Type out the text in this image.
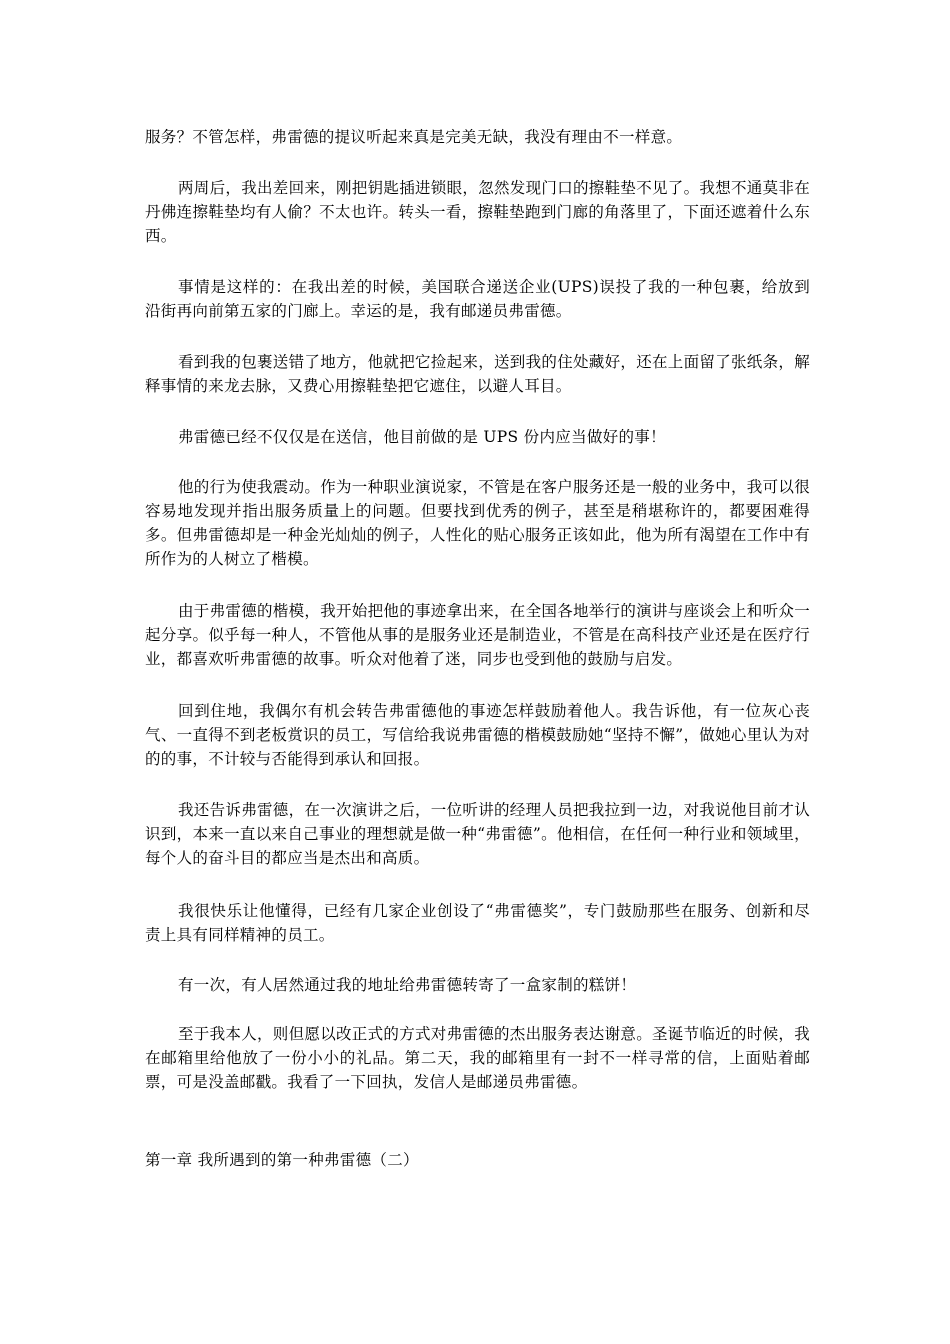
服务？不管怎样，弗雷德的提议听起来真是完美无缺，我没有理由不一样意。

两周后，我出差回来，刚把钥匙插进锁眼，忽然发现门口的擦鞋垫不见了。我想不通莫非在丹佛连擦鞋垫均有人偷？不太也许。转头一看，擦鞋垫跑到门廊的角落里了，下面还遮着什么东西。

事情是这样的：在我出差的时候，美国联合递送企业(UPS)误投了我的一种包裹，给放到沿街再向前第五家的门廊上。幸运的是，我有邮递员弗雷德。

看到我的包裹送错了地方，他就把它捡起来，送到我的住处藏好，还在上面留了张纸条，解释事情的来龙去脉，又费心用擦鞋垫把它遮住，以避人耳目。

弗雷德已经不仅仅是在送信，他目前做的是 UPS 份内应当做好的事！

他的行为使我震动。作为一种职业演说家，不管是在客户服务还是一般的业务中，我可以很容易地发现并指出服务质量上的问题。但要找到优秀的例子，甚至是稍堪称许的，都要困难得多。但弗雷德却是一种金光灿灿的例子，人性化的贴心服务正该如此，他为所有渴望在工作中有所作为的人树立了楷模。

由于弗雷德的楷模，我开始把他的事迹拿出来，在全国各地举行的演讲与座谈会上和听众一起分享。似乎每一种人，不管他从事的是服务业还是制造业，不管是在高科技产业还是在医疗行业，都喜欢听弗雷德的故事。听众对他着了迷，同步也受到他的鼓励与启发。

回到住地，我偶尔有机会转告弗雷德他的事迹怎样鼓励着他人。我告诉他，有一位灰心丧气、一直得不到老板赏识的员工，写信给我说弗雷德的楷模鼓励她“坚持不懈”，做她心里认为对的的事，不计较与否能得到承认和回报。

我还告诉弗雷德，在一次演讲之后，一位听讲的经理人员把我拉到一边，对我说他目前才认识到，本来一直以来自己事业的理想就是做一种“弗雷德”。他相信，在任何一种行业和领域里，每个人的奋斗目的都应当是杰出和高质。

我很快乐让他懂得，已经有几家企业创设了“弗雷德奖”，专门鼓励那些在服务、创新和尽责上具有同样精神的员工。

有一次，有人居然通过我的地址给弗雷德转寄了一盒家制的糕饼！

至于我本人，则但愿以改正式的方式对弗雷德的杰出服务表达谢意。圣诞节临近的时候，我在邮箱里给他放了一份小小的礼品。第二天，我的邮箱里有一封不一样寻常的信，上面贴着邮票，可是没盖邮戳。我看了一下回执，发信人是邮递员弗雷德。

第一章 我所遇到的第一种弗雷德（二）
